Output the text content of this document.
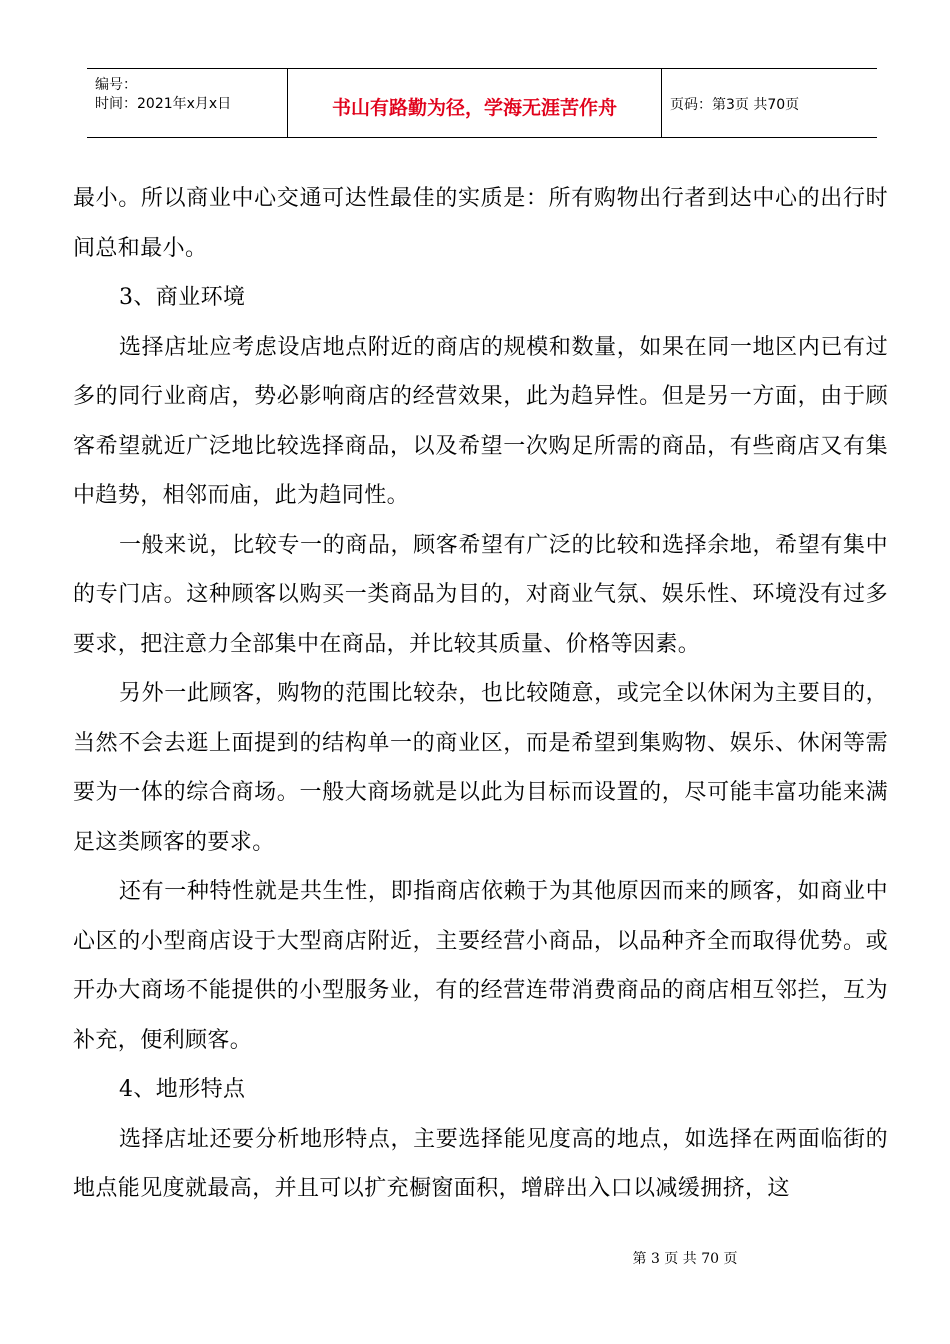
编号：
时间：2021年x月x日	书山有路勤为径，学海无涯苦作舟	页码：第3页 共70页

最小。所以商业中心交通可达性最佳的实质是：所有购物出行者到达中心的出行时间总和最小。

3、商业环境

选择店址应考虑设店地点附近的商店的规模和数量，如果在同一地区内已有过多的同行业商店，势必影响商店的经营效果，此为趋异性。但是另一方面，由于顾客希望就近广泛地比较选择商品，以及希望一次购足所需的商品，有些商店又有集中趋势，相邻而庙，此为趋同性。

一般来说，比较专一的商品，顾客希望有广泛的比较和选择余地，希望有集中的专门店。这种顾客以购买一类商品为目的，对商业气氛、娱乐性、环境没有过多要求，把注意力全部集中在商品，并比较其质量、价格等因素。

另外一此顾客，购物的范围比较杂，也比较随意，或完全以休闲为主要目的，当然不会去逛上面提到的结构单一的商业区，而是希望到集购物、娱乐、休闲等需要为一体的综合商场。一般大商场就是以此为目标而设置的，尽可能丰富功能来满足这类顾客的要求。

还有一种特性就是共生性，即指商店依赖于为其他原因而来的顾客，如商业中心区的小型商店设于大型商店附近，主要经营小商品，以品种齐全而取得优势。或开办大商场不能提供的小型服务业，有的经营连带消费商品的商店相互邻拦，互为补充，便利顾客。

4、地形特点

选择店址还要分析地形特点，主要选择能见度高的地点，如选择在两面临街的地点能见度就最高，并且可以扩充橱窗面积，增辟出入口以减缓拥挤，这

第 3 页 共 70 页
